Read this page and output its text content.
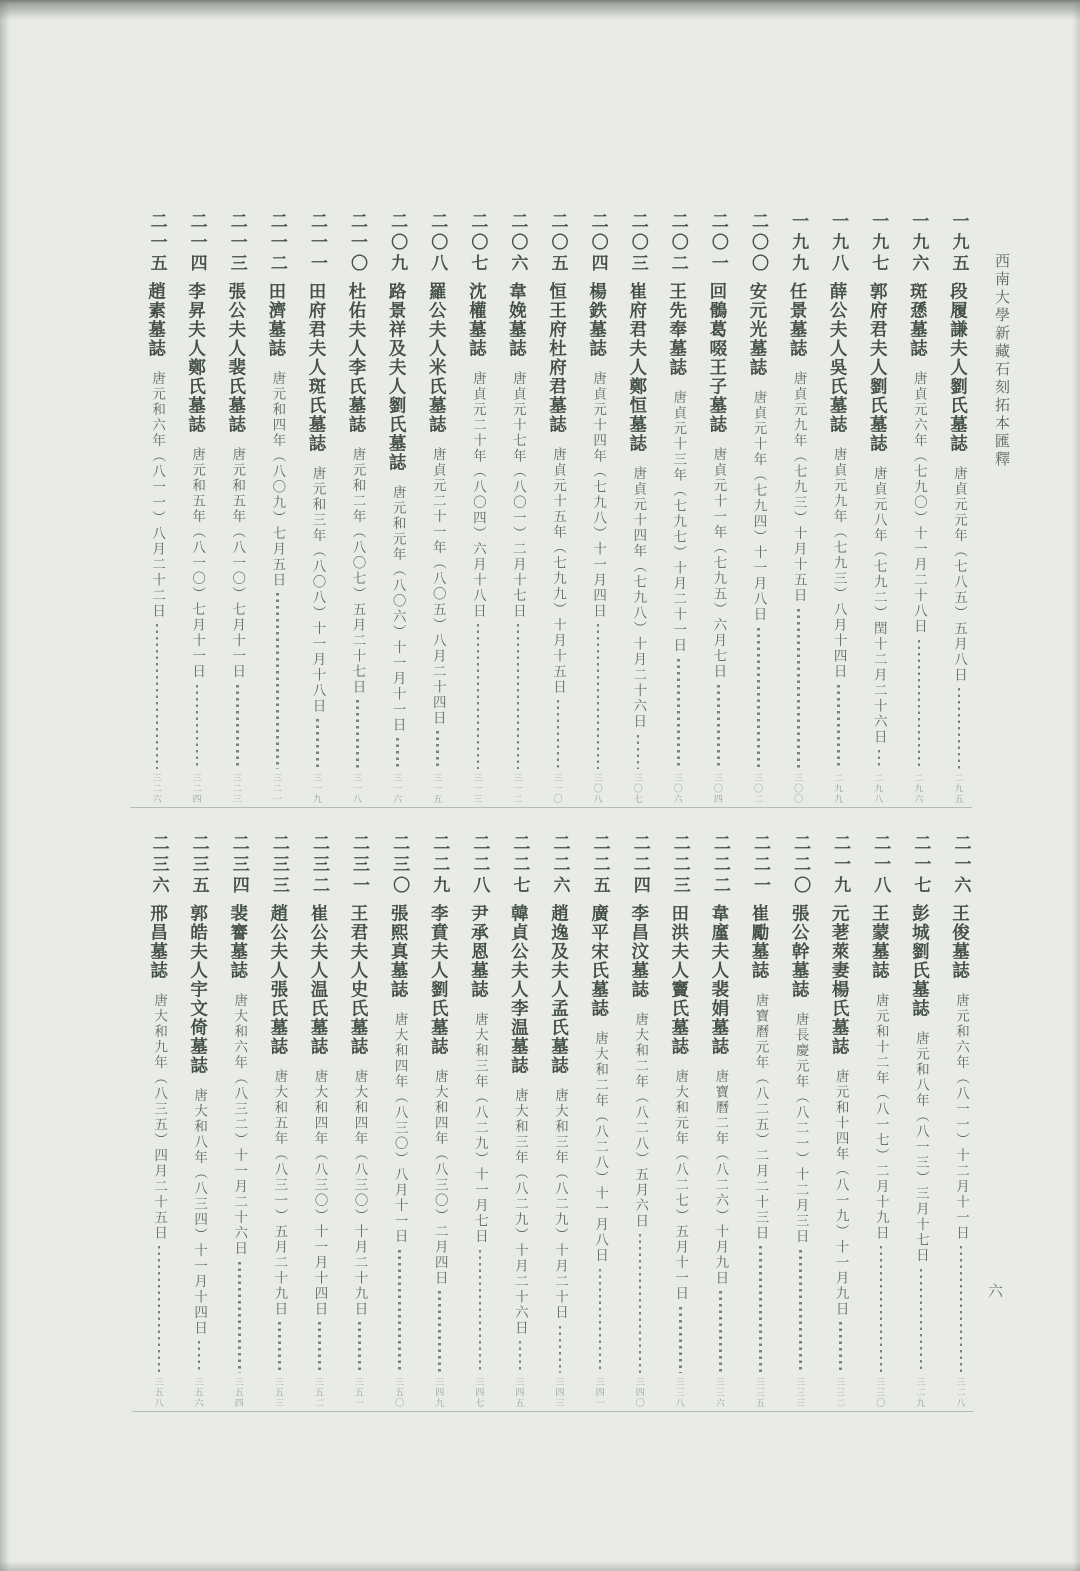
西南大學新藏石刻拓本匯釋
一九五
段履謙夫人劉氏墓誌
唐貞元元年（七八五）五月八日
二九五
一九六
斑愻墓誌
唐貞元六年（七九〇）十一月二十八日
二九六
一九七
郭府君夫人劉氏墓誌
唐貞元八年（七九二）閏十二月二十六日
二九八
一九八
薛公夫人吳氏墓誌
唐貞元九年（七九三）八月十四日
二九九
一九九
任景墓誌
唐貞元九年（七九三）十月十五日
三〇〇
二〇〇
安元光墓誌
唐貞元十年（七九四）十一月八日
三〇二
二〇一
回鶻葛啜王子墓誌
唐貞元十一年（七九五）六月七日
三〇四
二〇二
王先奉墓誌
唐貞元十三年（七九七）十月二十一日
三〇六
二〇三
崔府君夫人鄭恒墓誌
唐貞元十四年（七九八）十月二十六日
三〇七
二〇四
楊鉄墓誌
唐貞元十四年（七九八）十一月四日
三〇八
二〇五
恒王府杜府君墓誌
唐貞元十五年（七九九）十月十五日
三一〇
二〇六
韋娩墓誌
唐貞元十七年（八〇一）二月十七日
三一二
二〇七
沈權墓誌
唐貞元二十年（八〇四）六月十八日
三一三
二〇八
羅公夫人米氏墓誌
唐貞元二十一年（八〇五）八月二十四日
三一五
二〇九
路景祥及夫人劉氏墓誌
唐元和元年（八〇六）十一月十一日
三一六
二一〇
杜佑夫人李氏墓誌
唐元和二年（八〇七）五月二十七日
三一八
二一一
田府君夫人斑氏墓誌
唐元和三年（八〇八）十一月十八日
三一九
二一二
田濟墓誌
唐元和四年（八〇九）七月五日
三二一
二一三
張公夫人裴氏墓誌
唐元和五年（八一〇）七月十一日
三二三
二一四
李昇夫人鄭氏墓誌
唐元和五年（八一〇）七月十一日
三二四
二一五
趙素墓誌
唐元和六年（八一一）八月二十二日
三二六
二一六
王俊墓誌
唐元和六年（八一一）十二月十一日
三二八
二一七
彭城劉氏墓誌
唐元和八年（八一三）三月十七日
三二九
二一八
王蒙墓誌
唐元和十二年（八一七）二月十九日
三三〇
二一九
元荖萊妻楊氏墓誌
唐元和十四年（八一九）十一月九日
三三二
二二〇
張公幹墓誌
唐長慶元年（八二一）十二月三日
三三三
二二一
崔勵墓誌
唐寶曆元年（八二五）二月二十三日
三三五
二二二
韋廑夫人裴娟墓誌
唐寶曆二年（八二六）十月九日
三三六
二二三
田洪夫人竇氏墓誌
唐大和元年（八二七）五月十一日
三三八
二二四
李昌汶墓誌
唐大和二年（八二八）五月六日
三四〇
二二五
廣平宋氏墓誌
唐大和二年（八二八）十一月八日
三四一
二二六
趙逸及夫人孟氏墓誌
唐大和三年（八二九）十月二十日
三四三
二二七
韓貞公夫人李温墓誌
唐大和三年（八二九）十月二十六日
三四五
二二八
尹承恩墓誌
唐大和三年（八二九）十一月七日
三四七
二二九
李賁夫人劉氏墓誌
唐大和四年（八三〇）二月四日
三四九
二三〇
張熙真墓誌
唐大和四年（八三〇）八月十一日
三五〇
二三一
王君夫人史氏墓誌
唐大和四年（八三〇）十月二十九日
三五一
二三二
崔公夫人温氏墓誌
唐大和四年（八三〇）十一月十四日
三五二
二三三
趙公夫人張氏墓誌
唐大和五年（八三一）五月二十九日
三五三
二三四
裴謇墓誌
唐大和六年（八三二）十一月二十六日
三五四
二三五
郭皓夫人宇文倚墓誌
唐大和八年（八三四）十一月十四日
三五六
二三六
邢昌墓誌
唐大和九年（八三五）四月二十五日
三五八
六
